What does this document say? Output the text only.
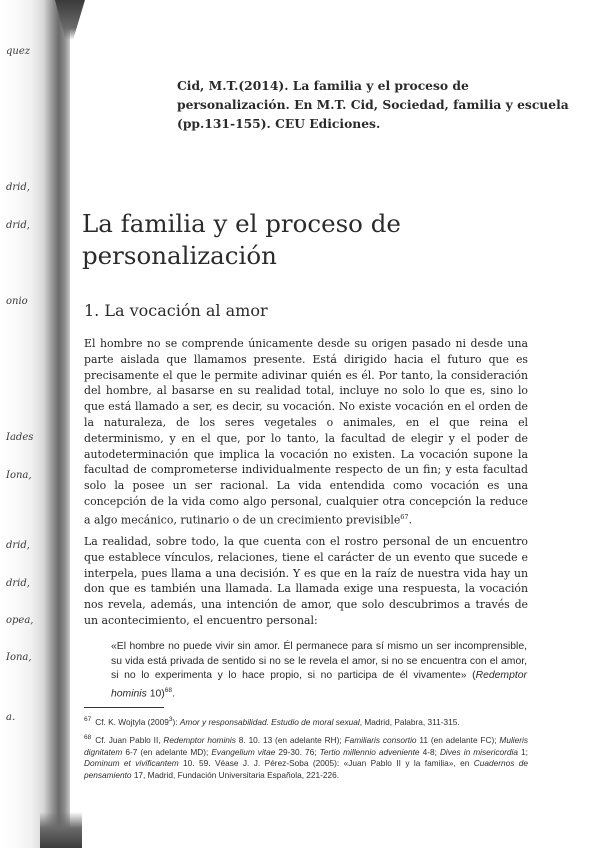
quez
drid,
drid,
onio
Iades
Iona,
drid,
drid,
opea,
Iona,
a.
Cid, M.T.(2014). La familia y el proceso de personalización. En M.T. Cid, Sociedad, familia y escuela (pp.131-155). CEU Ediciones.
La familia y el proceso de personalización
1. La vocación al amor

El hombre no se comprende únicamente desde su origen pasado ni desde una parte aislada que llamamos presente. Está dirigido hacia el futuro que es precisamente el que le permite adivinar quién es él. Por tanto, la consideración del hombre, al basarse en su realidad total, incluye no solo lo que es, sino lo que está llamado a ser, es decir, su vocación. No existe vocación en el orden de la naturaleza, de los seres vegetales o animales, en el que reina el determinismo, y en el que, por lo tanto, la facultad de elegir y el poder de autodeterminación que implica la vocación no existen. La vocación supone la facultad de comprometerse individualmente respecto de un fin; y esta facultad solo la posee un ser racional. La vida entendida como vocación es una concepción de la vida como algo personal, cualquier otra concepción la reduce a algo mecánico, rutinario o de un crecimiento previsible$^{67}$.

La realidad, sobre todo, la que cuenta con el rostro personal de un encuentro que establece vínculos, relaciones, tiene el carácter de un evento que sucede e interpela, pues llama a una decisión. Y es que en la raíz de nuestra vida hay un don que es también una llamada. La llamada exige una respuesta, la vocación nos revela, además, una intención de amor, que solo descubrimos a través de un acontecimiento, el encuentro personal:

«El hombre no puede vivir sin amor. Él permanece para sí mismo un ser incomprensible, su vida está privada de sentido si no se le revela el amor, si no se encuentra con el amor, si no lo experimenta y lo hace propio, si no participa de él vivamente» (Redemptor hominis 10)$^{68}$.

$^{67}$ Cf. K. Wojtyla (2009$^3$): Amor y responsabilidad. Estudio de moral sexual, Madrid, Palabra, 311-315.

$^{68}$ Cf. Juan Pablo II, Redemptor hominis 8. 10. 13 (en adelante RH); Familiaris consortio 11 (en adelante FC); Mulieris dignitatem 6-7 (en adelante MD); Evangelium vitae 29-30. 76; Tertio millennio adveniente 4-8; Dives in misericordia 1; Dominum et vivificantem 10. 59. Véase J. J. Pérez-Soba (2005): «Juan Pablo II y la familia», en Cuadernos de pensamiento 17, Madrid, Fundación Universitaria Española, 221-226.
